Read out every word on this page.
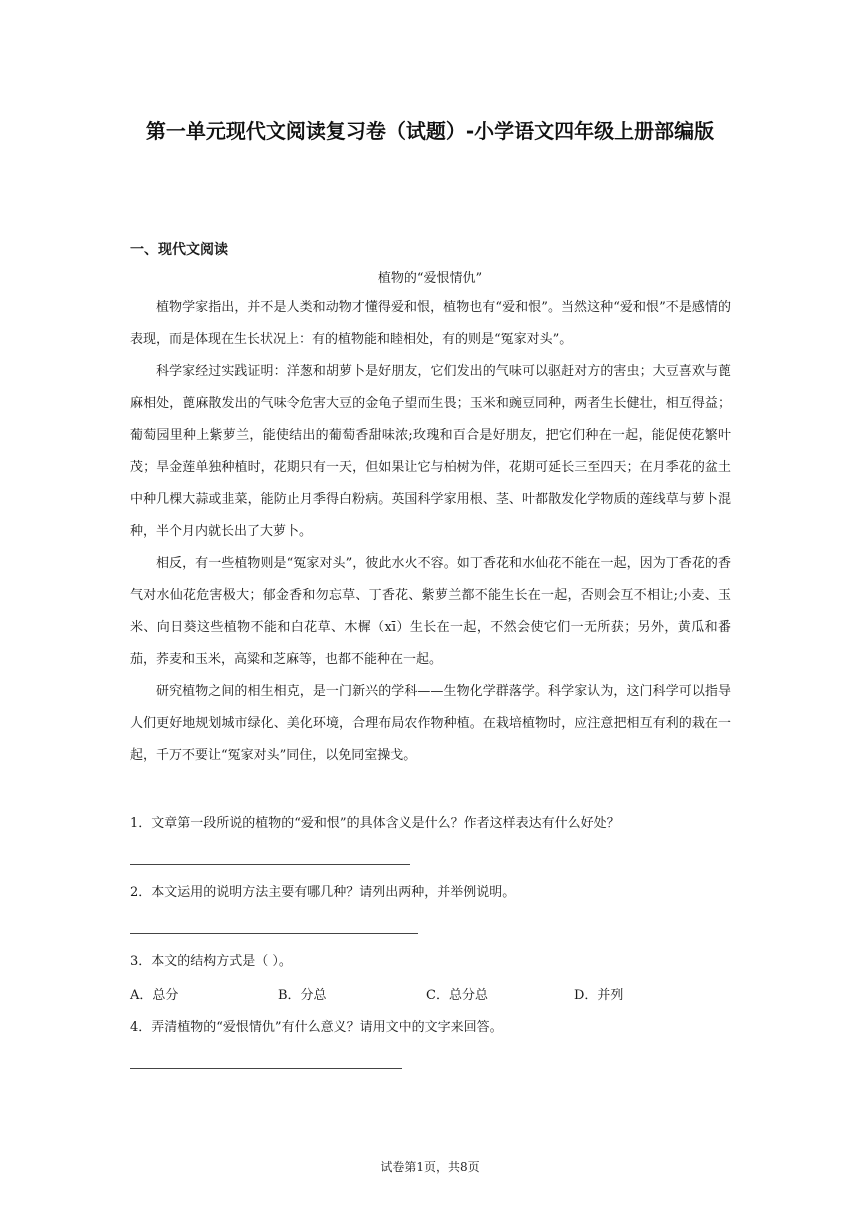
第一单元现代文阅读复习卷（试题）-小学语文四年级上册部编版
一、现代文阅读
植物的“爱恨情仇”

植物学家指出，并不是人类和动物才懂得爱和恨，植物也有“爱和恨”。当然这种“爱和恨”不是感情的表现，而是体现在生长状况上：有的植物能和睦相处，有的则是“冤家对头”。

科学家经过实践证明：洋葱和胡萝卜是好朋友，它们发出的气味可以驱赶对方的害虫；大豆喜欢与蓖麻相处，蓖麻散发出的气味令危害大豆的金龟子望而生畏；玉米和豌豆同种，两者生长健壮，相互得益；葡萄园里种上紫萝兰，能使结出的葡萄香甜味浓;玫瑰和百合是好朋友，把它们种在一起，能促使花繁叶茂；旱金莲单独种植时，花期只有一天，但如果让它与柏树为伴，花期可延长三至四天；在月季花的盆土中种几棵大蒜或韭菜，能防止月季得白粉病。英国科学家用根、茎、叶都散发化学物质的莲线草与萝卜混种，半个月内就长出了大萝卜。

相反，有一些植物则是“冤家对头”，彼此水火不容。如丁香花和水仙花不能在一起，因为丁香花的香气对水仙花危害极大；郁金香和勿忘草、丁香花、紫萝兰都不能生长在一起，否则会互不相让;小麦、玉米、向日葵这些植物不能和白花草、木樨（xī）生长在一起，不然会使它们一无所获；另外，黄瓜和番茄，荞麦和玉米，高粱和芝麻等，也都不能种在一起。

研究植物之间的相生相克，是一门新兴的学科——生物化学群落学。科学家认为，这门科学可以指导人们更好地规划城市绿化、美化环境，合理布局农作物种植。在栽培植物时，应注意把相互有利的栽在一起，千万不要让“冤家对头”同住，以免同室操戈。

1．文章第一段所说的植物的“爱和恨”的具体含义是什么？作者这样表达有什么好处？

2．本文运用的说明方法主要有哪几种？请列出两种，并举例说明。

3．本文的结构方式是（ ）。

A．总分	B．分总	C．总分总	D．并列

4．弄清植物的“爱恨情仇”有什么意义？请用文中的文字来回答。

试卷第1页，共8页
